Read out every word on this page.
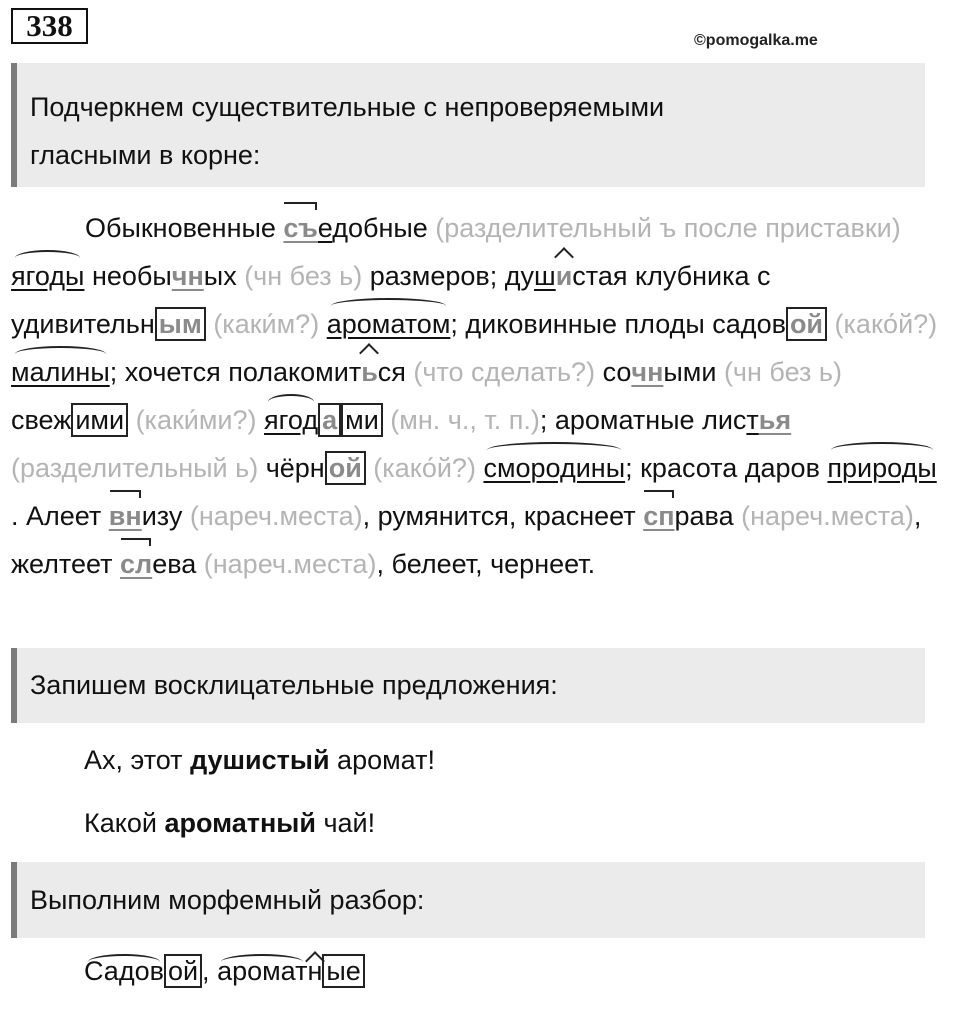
338	©pomogalka.me
Подчеркнем существительные с непроверяемыми
гласными в корне:
Обыкновенные съедобные (разделительный ъ после приставки) ягоды необычных (чн без ь) размеров; душистая клубника с удивительн ым (каки́м?) ароматом; диковинные плоды садов ой (како́й?) малины; хочется полакомиться (что сделать?) сочными (чн без ь) свеж ими (каки́ми?) ягод а ми (мн. ч., т. п.); ароматные листья (разделительный ь) чёрн ой (како́й?) смородины; красота даров природы. Алеет внизу (нареч.места), румянится, краснеет справа (нареч.места), желтеет слева (нареч.места), белеет, чернеет.
Запишем восклицательные предложения:
Ах, этот душистый аромат!
Какой ароматный чай!
Выполним морфемный разбор:
Садов ой , ароматн ые
